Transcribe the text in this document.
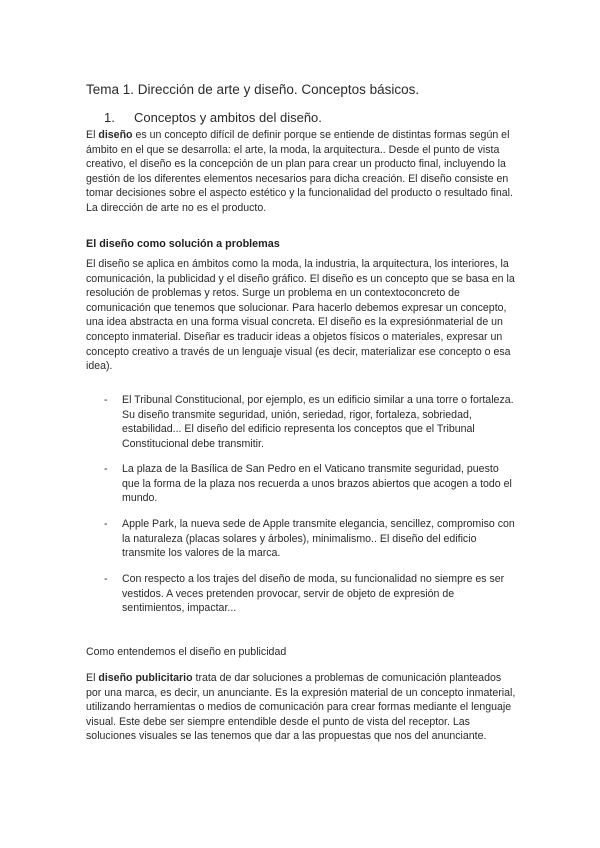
Tema 1. Dirección de arte y diseño. Conceptos básicos.
1. Conceptos y ambitos del diseño.

El diseño es un concepto difícil de definir porque se entiende de distintas formas según el ámbito en el que se desarrolla: el arte, la moda, la arquitectura.. Desde el punto de vista creativo, el diseño es la concepción de un plan para crear un producto final, incluyendo la gestión de los diferentes elementos necesarios para dicha creación. El diseño consiste en tomar decisiones sobre el aspecto estético y la funcionalidad del producto o resultado final. La dirección de arte no es el producto.

El diseño como solución a problemas

El diseño se aplica en ámbitos como la moda, la industria, la arquitectura, los interiores, la comunicación, la publicidad y el diseño gráfico. El diseño es un concepto que se basa en la resolución de problemas y retos. Surge un problema en un contextoconcreto de comunicación que tenemos que solucionar. Para hacerlo debemos expresar un concepto, una idea abstracta en una forma visual concreta. El diseño es la expresiónmaterial de un concepto inmaterial. Diseñar es traducir ideas a objetos físicos o materiales, expresar un concepto creativo a través de un lenguaje visual (es decir, materializar ese concepto o esa idea).

- El Tribunal Constitucional, por ejemplo, es un edificio similar a una torre o fortaleza. Su diseño transmite seguridad, unión, seriedad, rigor, fortaleza, sobriedad, estabilidad... El diseño del edificio representa los conceptos que el Tribunal Constitucional debe transmitir.
- La plaza de la Basílica de San Pedro en el Vaticano transmite seguridad, puesto que la forma de la plaza nos recuerda a unos brazos abiertos que acogen a todo el mundo.
- Apple Park, la nueva sede de Apple transmite elegancia, sencillez, compromiso con la naturaleza (placas solares y árboles), minimalismo.. El diseño del edificio transmite los valores de la marca.
- Con respecto a los trajes del diseño de moda, su funcionalidad no siempre es ser vestidos. A veces pretenden provocar, servir de objeto de expresión de sentimientos, impactar...
Como entendemos el diseño en publicidad

El diseño publicitario trata de dar soluciones a problemas de comunicación planteados por una marca, es decir, un anunciante. Es la expresión material de un concepto inmaterial, utilizando herramientas o medios de comunicación para crear formas mediante el lenguaje visual. Este debe ser siempre entendible desde el punto de vista del receptor. Las soluciones visuales se las tenemos que dar a las propuestas que nos del anunciante.
